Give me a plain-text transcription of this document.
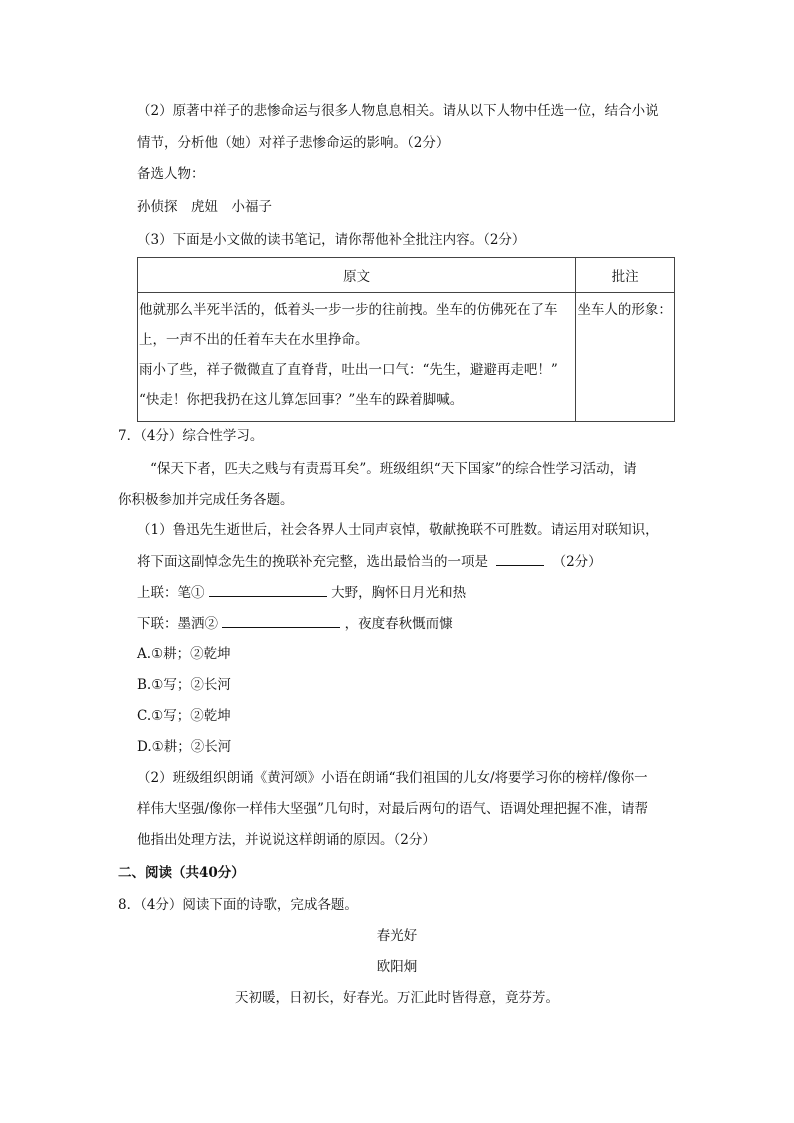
（2）原著中祥子的悲惨命运与很多人物息息相关。请从以下人物中任选一位，结合小说
情节，分析他（她）对祥子悲惨命运的影响。（2分）
备选人物：
孙侦探　虎妞　小福子
（3）下面是小文做的读书笔记，请你帮他补全批注内容。（2分）
原文	批注

他就那么半死半活的，低着头一步一步的往前拽。坐车的仿佛死在了车
上，一声不出的任着车夫在水里挣命。
雨小了些，祥子微微直了直脊背，吐出一口气：“先生，避避再走吧！”
“快走！你把我扔在这儿算怎回事？”坐车的跺着脚喊。	坐车人的形象：
7．（4分）综合性学习。
“保天下者，匹夫之贱与有责焉耳矣”。班级组织“天下国家”的综合性学习活动，请
你积极参加并完成任务各题。
（1）鲁迅先生逝世后，社会各界人士同声哀悼，敬献挽联不可胜数。请运用对联知识，
将下面这副悼念先生的挽联补充完整，选出最恰当的一项是	（2分）
上联：笔①	大野，胸怀日月光和热
下联：墨洒②	，夜度春秋慨而慷
A.①耕；②乾坤
B.①写；②长河
C.①写；②乾坤
D.①耕；②长河
（2）班级组织朗诵《黄河颂》小语在朗诵“我们祖国的儿女/将要学习你的榜样/像你一
样伟大坚强/像你一样伟大坚强”几句时，对最后两句的语气、语调处理把握不准，请帮
他指出处理方法，并说说这样朗诵的原因。（2分）
二、阅读（共40分）
8．（4分）阅读下面的诗歌，完成各题。
春光好
欧阳炯
天初暖，日初长，好春光。万汇此时皆得意，竟芬芳。
